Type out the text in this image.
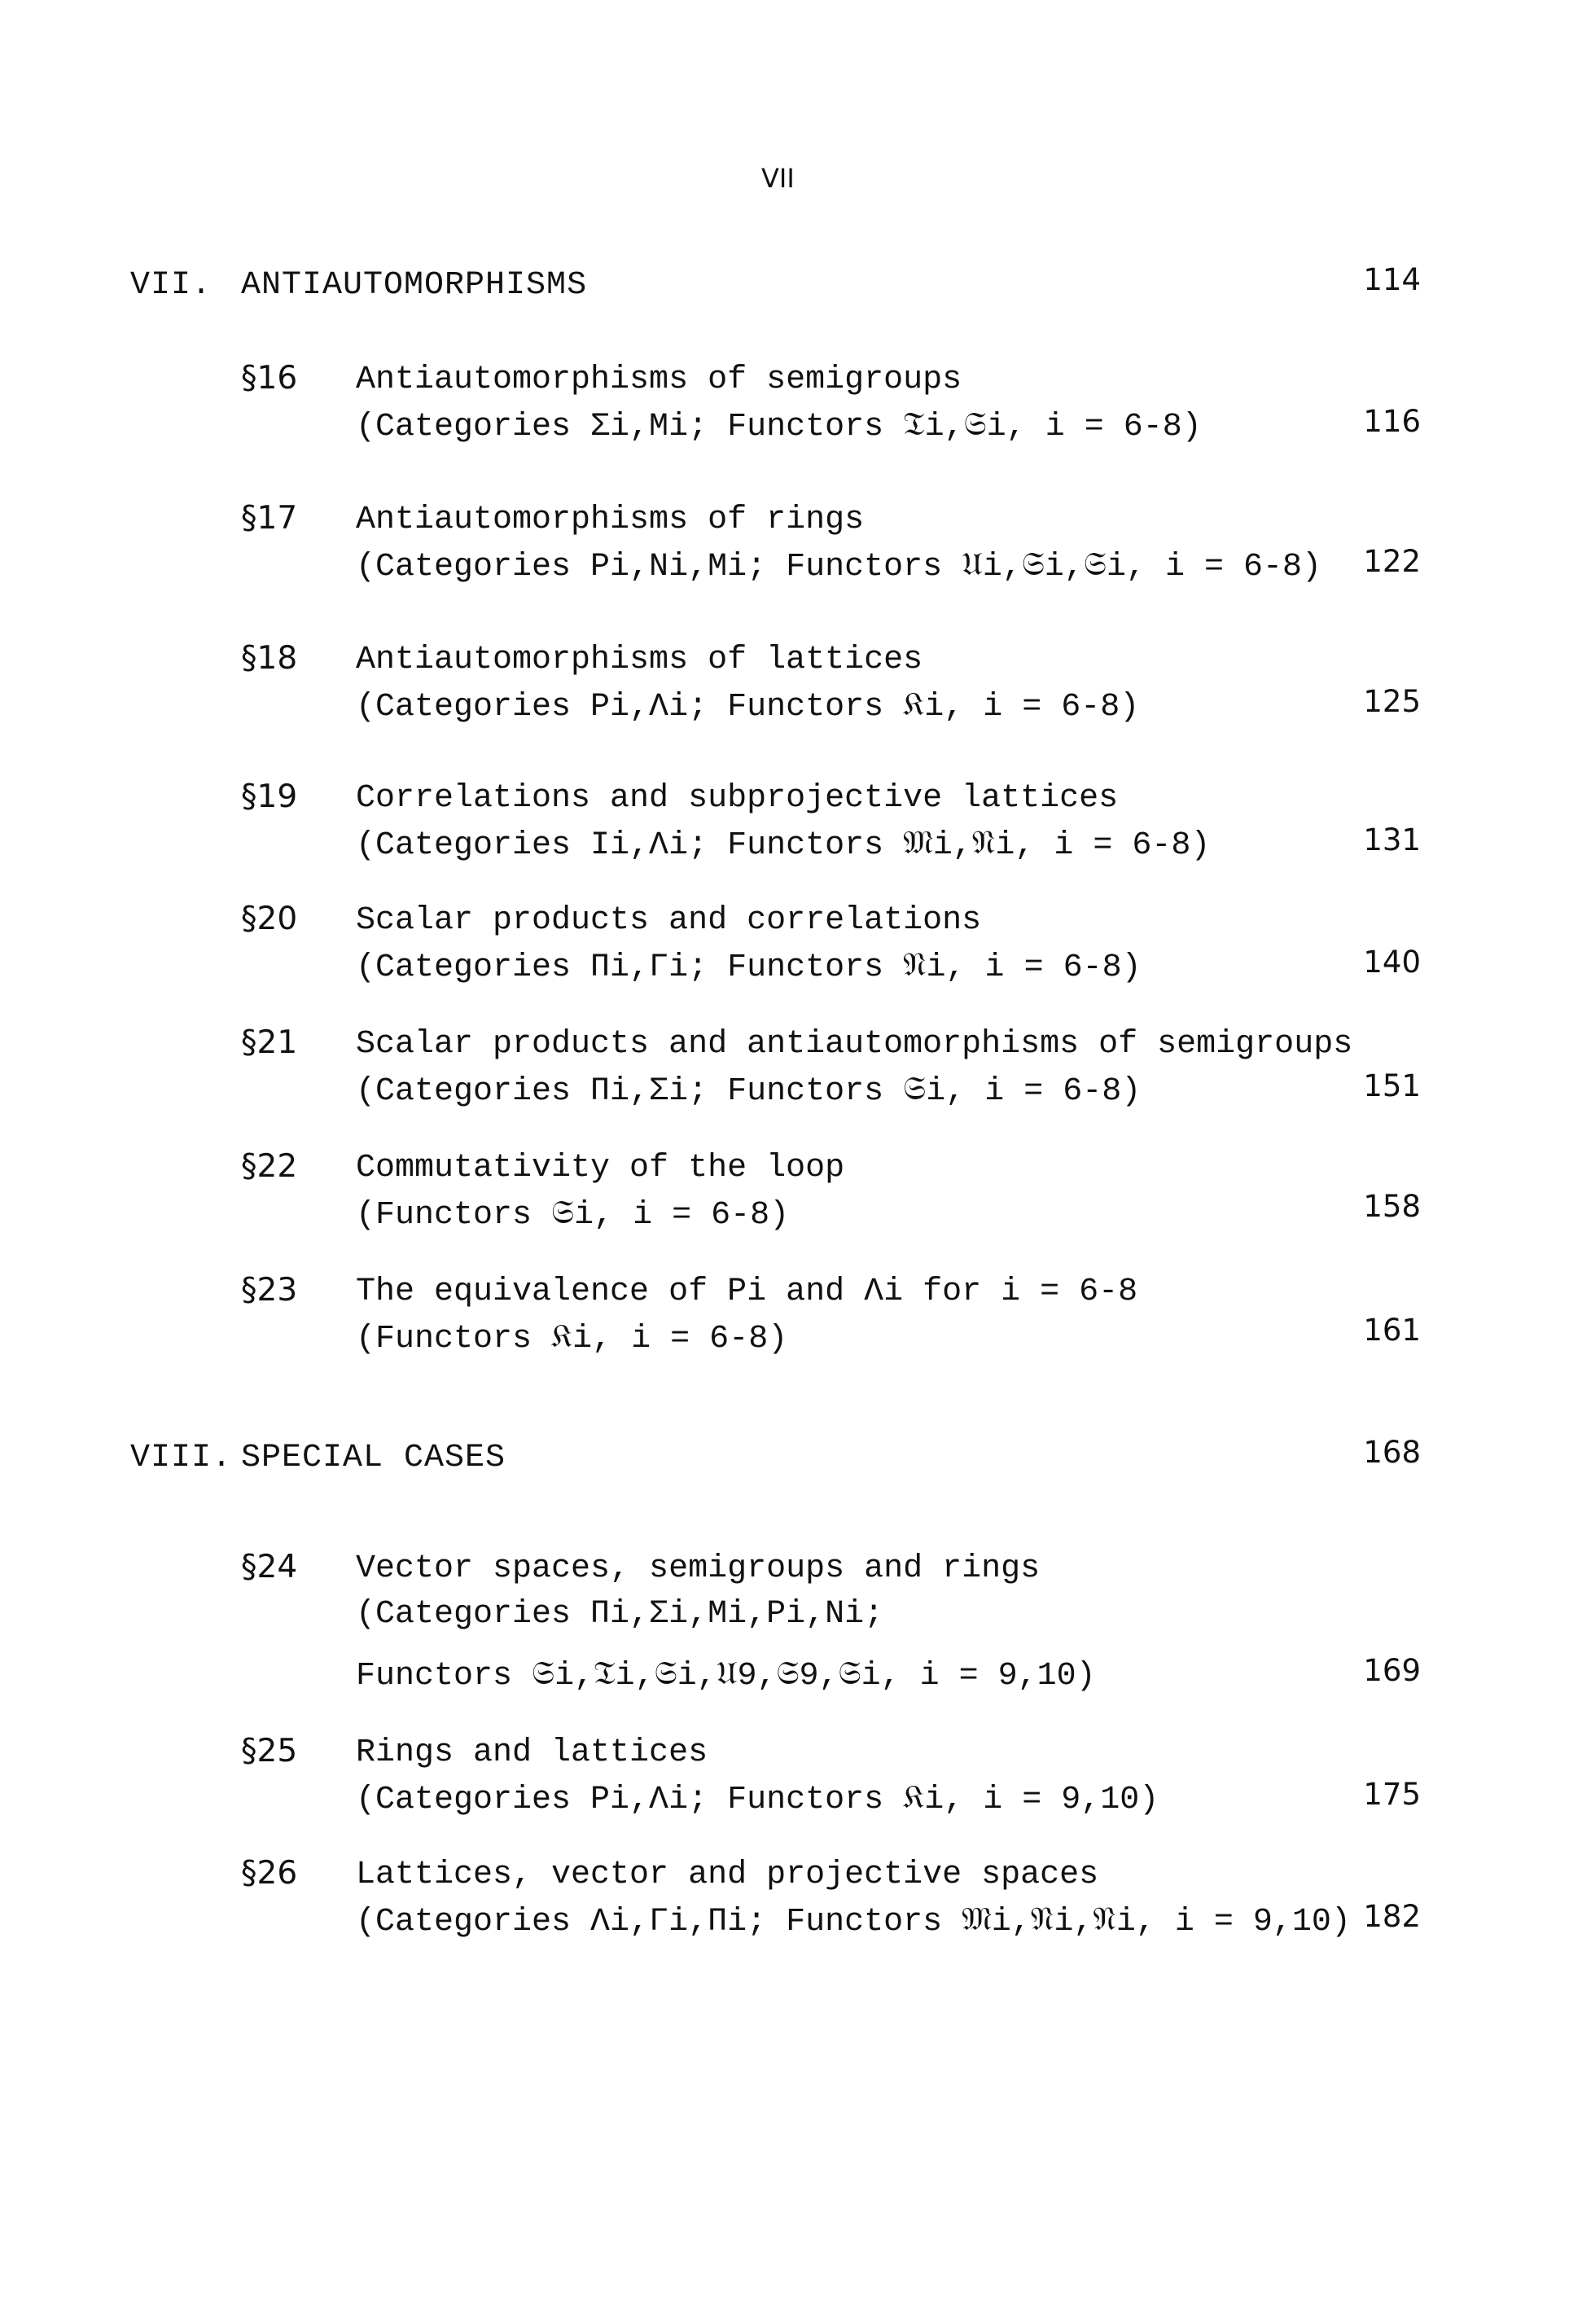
VII
VII. ANTIAUTOMORPHISMS	114
§16 Antiautomorphisms of semigroups
(Categories Σi,Mi; Functors 𝔗i,𝔖i, i = 6-8)	116
§17 Antiautomorphisms of rings
(Categories Pi,Ni,Mi; Functors 𝔘i,𝔖i,𝔖i, i = 6-8)	122
§18 Antiautomorphisms of lattices
(Categories Pi,Λi; Functors 𝔎i, i = 6-8)	125
§19 Correlations and subprojective lattices
(Categories Ii,Λi; Functors 𝔐i,𝔑i, i = 6-8)	131
§20 Scalar products and correlations
(Categories Πi,Γi; Functors 𝔑i, i = 6-8)	140
§21 Scalar products and antiautomorphisms of semigroups
(Categories Πi,Σi; Functors 𝔖i, i = 6-8)	151
§22 Commutativity of the loop
(Functors 𝔖i, i = 6-8)	158
§23 The equivalence of Pi and Λi for i = 6-8
(Functors 𝔎i, i = 6-8)	161
VIII. SPECIAL CASES	168
§24 Vector spaces, semigroups and rings
(Categories Πi,Σi,Mi,Pi,Ni;
Functors 𝔖i,𝔗i,𝔖i,𝔘9,𝔖9,𝔖i, i = 9,10)	169
§25 Rings and lattices
(Categories Pi,Λi; Functors 𝔎i, i = 9,10)	175
§26 Lattices, vector and projective spaces
(Categories Λi,Γi,Πi; Functors 𝔐i,𝔑i,𝔑i, i = 9,10) 182
